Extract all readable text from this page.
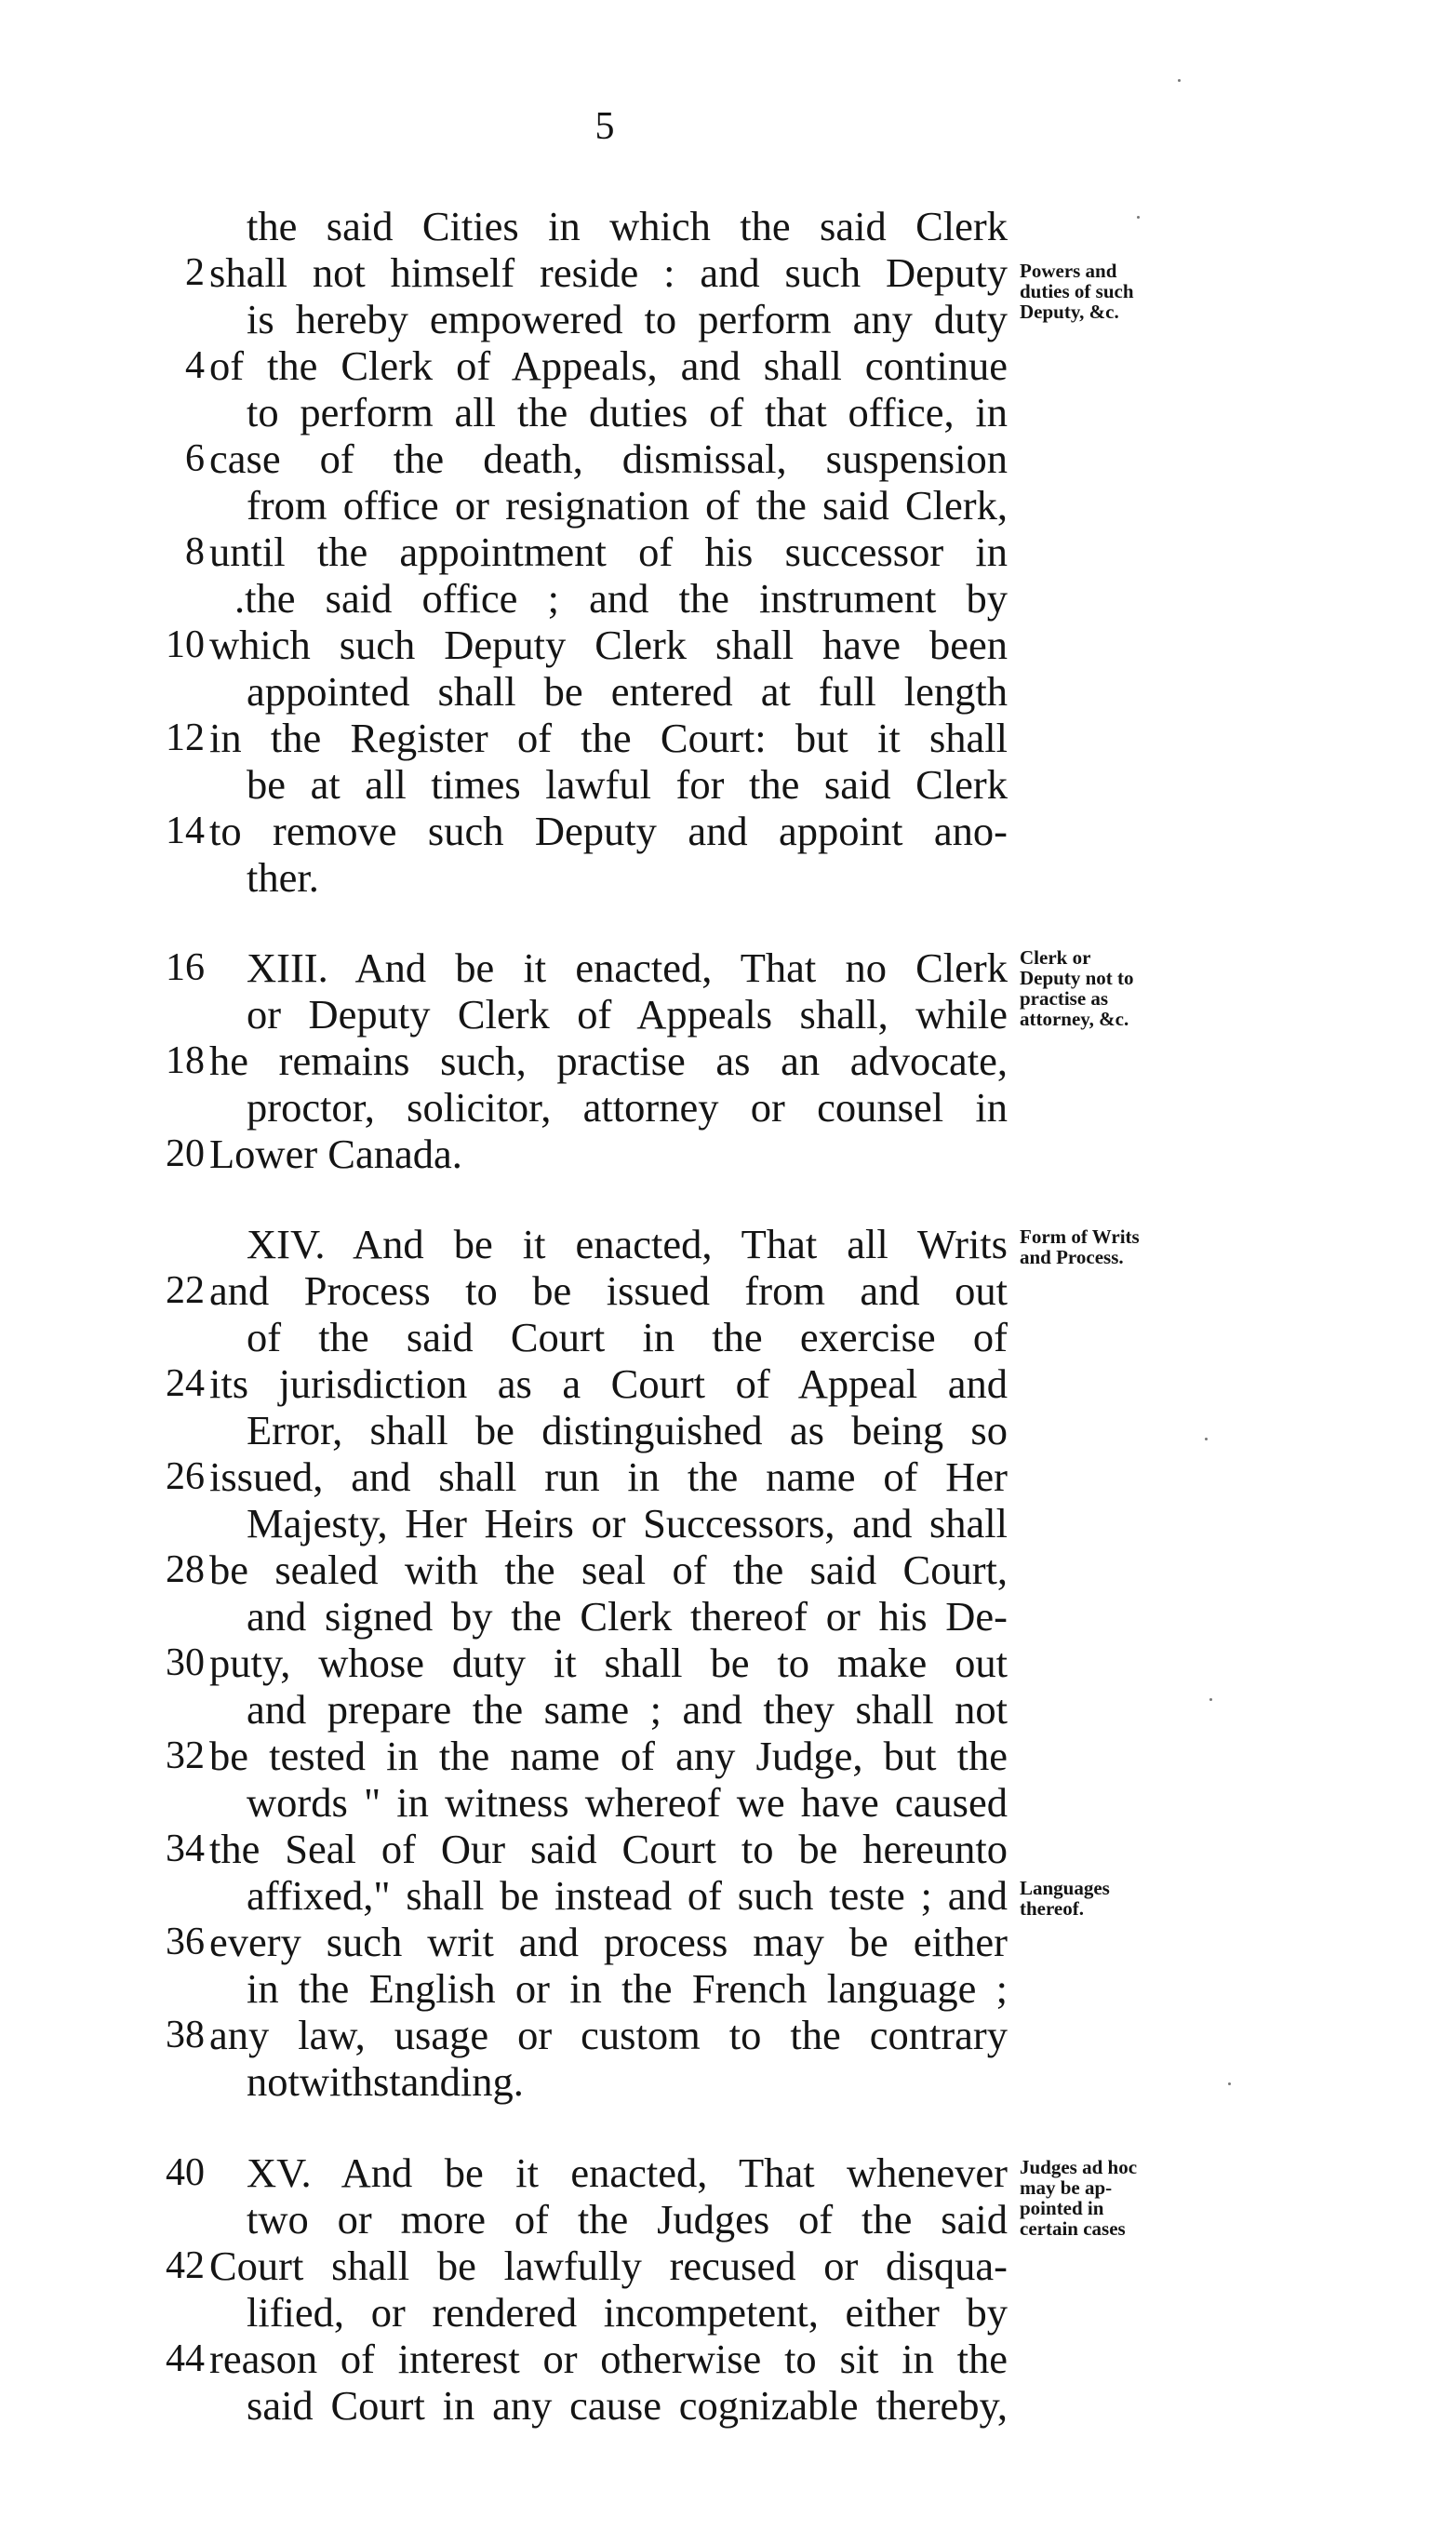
5
the said Cities in which the said Clerk
2 shall not himself reside : and such Deputy
is hereby empowered to perform any duty
4 of the Clerk of Appeals, and shall continue
to perform all the duties of that office, in
6 case of the death, dismissal, suspension
from office or resignation of the said Clerk,
8 until the appointment of his successor in
.the said office ; and the instrument by
10 which such Deputy Clerk shall have been
appointed shall be entered at full length
12 in the Register of the Court: but it shall
be at all times lawful for the said Clerk
14 to remove such Deputy and appoint ano-
ther.
16 XIII. And be it enacted, That no Clerk
or Deputy Clerk of Appeals shall, while
18 he remains such, practise as an advocate,
proctor, solicitor, attorney or counsel in
20 Lower Canada.
XIV. And be it enacted, That all Writs
22 and Process to be issued from and out
of the said Court in the exercise of
24 its jurisdiction as a Court of Appeal and
Error, shall be distinguished as being so
26 issued, and shall run in the name of Her
Majesty, Her Heirs or Successors, and shall
28 be sealed with the seal of the said Court,
and signed by the Clerk thereof or his De-
30 puty, whose duty it shall be to make out
and prepare the same ; and they shall not
32 be tested in the name of any Judge, but the
words " in witness whereof we have caused
34 the Seal of Our said Court to be hereunto
affixed," shall be instead of such teste ; and
36 every such writ and process may be either
in the English or in the French language ;
38 any law, usage or custom to the contrary
notwithstanding.
40 XV. And be it enacted, That whenever
two or more of the Judges of the said
42 Court shall be lawfully recused or disqua-
lified, or rendered incompetent, either by
44 reason of interest or otherwise to sit in the
said Court in any cause cognizable thereby,
Powers and
duties of such
Deputy, &c.
Clerk or
Deputy not to
practise as
attorney, &c.
Form of Writs
and Process.
Languages
thereof.
Judges ad hoc
may be ap-
pointed in
certain cases
